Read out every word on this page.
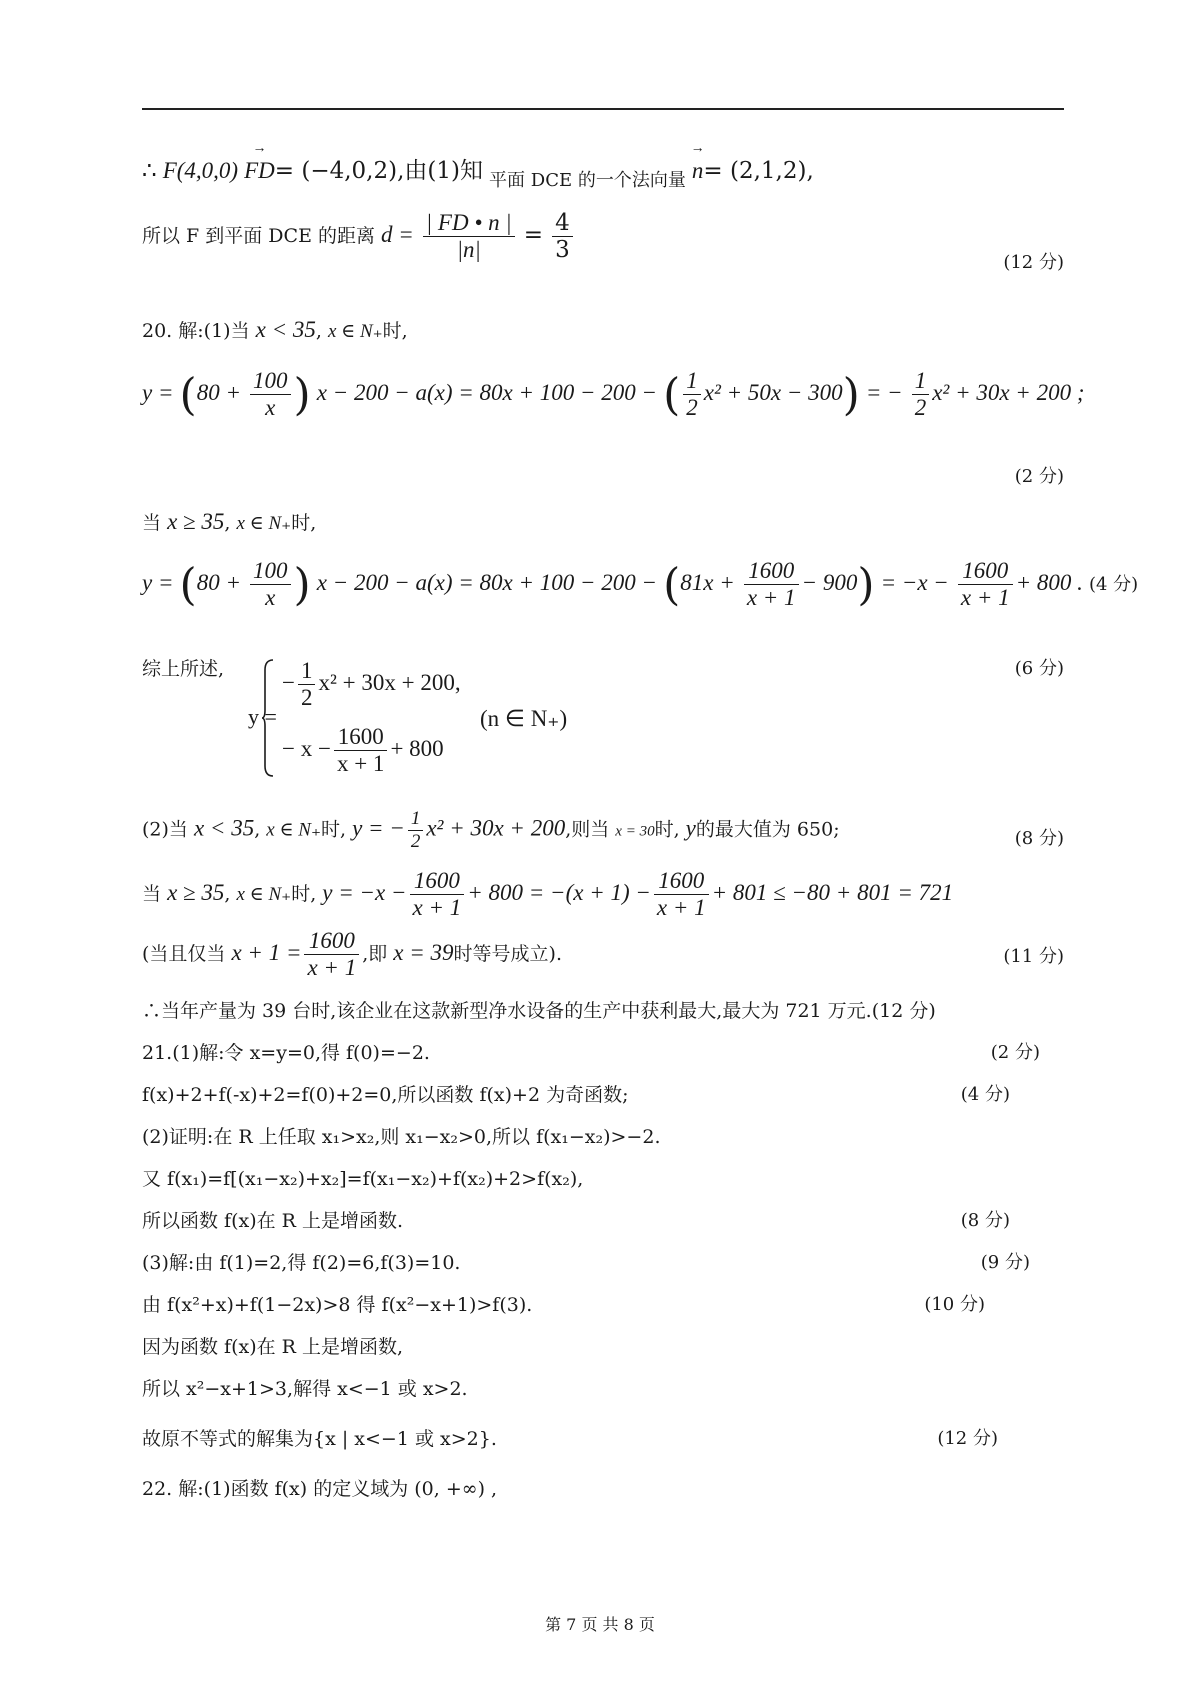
∴ F(4,0,0) → FD= (−4,0,2),由(1)知 平面 DCE 的一个法向量 → n= (2,1,2),
所以 F 到平面 DCE 的距离 $d = \frac{| FD • n |}{|n|} = \frac{4}{3}$	(12 分)
20. 解:(1)当 x < 35, x ∈ N₊时,
$y = (80 + \frac{100}{x}$ ) x − 200 − a(x) = 80x + 100 − 200 − ( $\frac{1}{2} x^2 + 50x - 300$) = − $\frac{1}{2} x^2 + 30x + 200$ ;
(2 分)
当 x ≥ 35, x ∈ N₊时,
$y = (80 + \frac{100}{x}$ ) $x - 200 - a(x) = 80x + 100 - 200 - (81x + \frac{1600}{x + 1} - 900) = -x - \frac{1600}{x + 1} + 800$ . (4 分)
综上所述,	(6 分)
y =
− $\frac{1}{2} x^2 + 30x + 200$,
(n ∈ N₊)
− $x - \frac{1600}{x + 1} + 800$
(2)当 x < 35, x ∈ N₊时, y = − $\frac{1}{2} x^2 + 30x + 200$,则当 x = 30时, y的最大值为 650;	(8 分)
当 x ≥ 35, x ∈ N₊时, $y = -x - \frac{1600}{x + 1} + 800 = -(x + 1) - \frac{1600}{x + 1} + 801 \le -80 + 801 = 721$
(当且仅当 $x + 1 = \frac{1600}{x + 1}$ ,即 x = 39时等号成立).	(11 分)
∴当年产量为 39 台时,该企业在这款新型净水设备的生产中获利最大,最大为 721 万元.(12 分)
21.(1)解:令 x=y=0,得 f(0)=−2.	(2 分)
f(x)+2+f(-x)+2=f(0)+2=0,所以函数 f(x)+2 为奇函数;	(4 分)
(2)证明:在 R 上任取 x₁>x₂,则 x₁−x₂>0,所以 f(x₁−x₂)>−2.
又 f(x₁)=f[(x₁−x₂)+x₂]=f(x₁−x₂)+f(x₂)+2>f(x₂),
所以函数 f(x)在 R 上是增函数.	(8 分)
(3)解:由 f(1)=2,得 f(2)=6,f(3)=10.	(9 分)
由 f(x²+x)+f(1−2x)>8 得 f(x²−x+1)>f(3).	(10 分)
因为函数 f(x)在 R 上是增函数,
所以 x²−x+1>3,解得 x<−1 或 x>2.
故原不等式的解集为{x | x<−1 或 x>2}.	(12 分)
22. 解:(1)函数 f(x) 的定义域为 (0, +∞) ,
第 7 页 共 8 页
